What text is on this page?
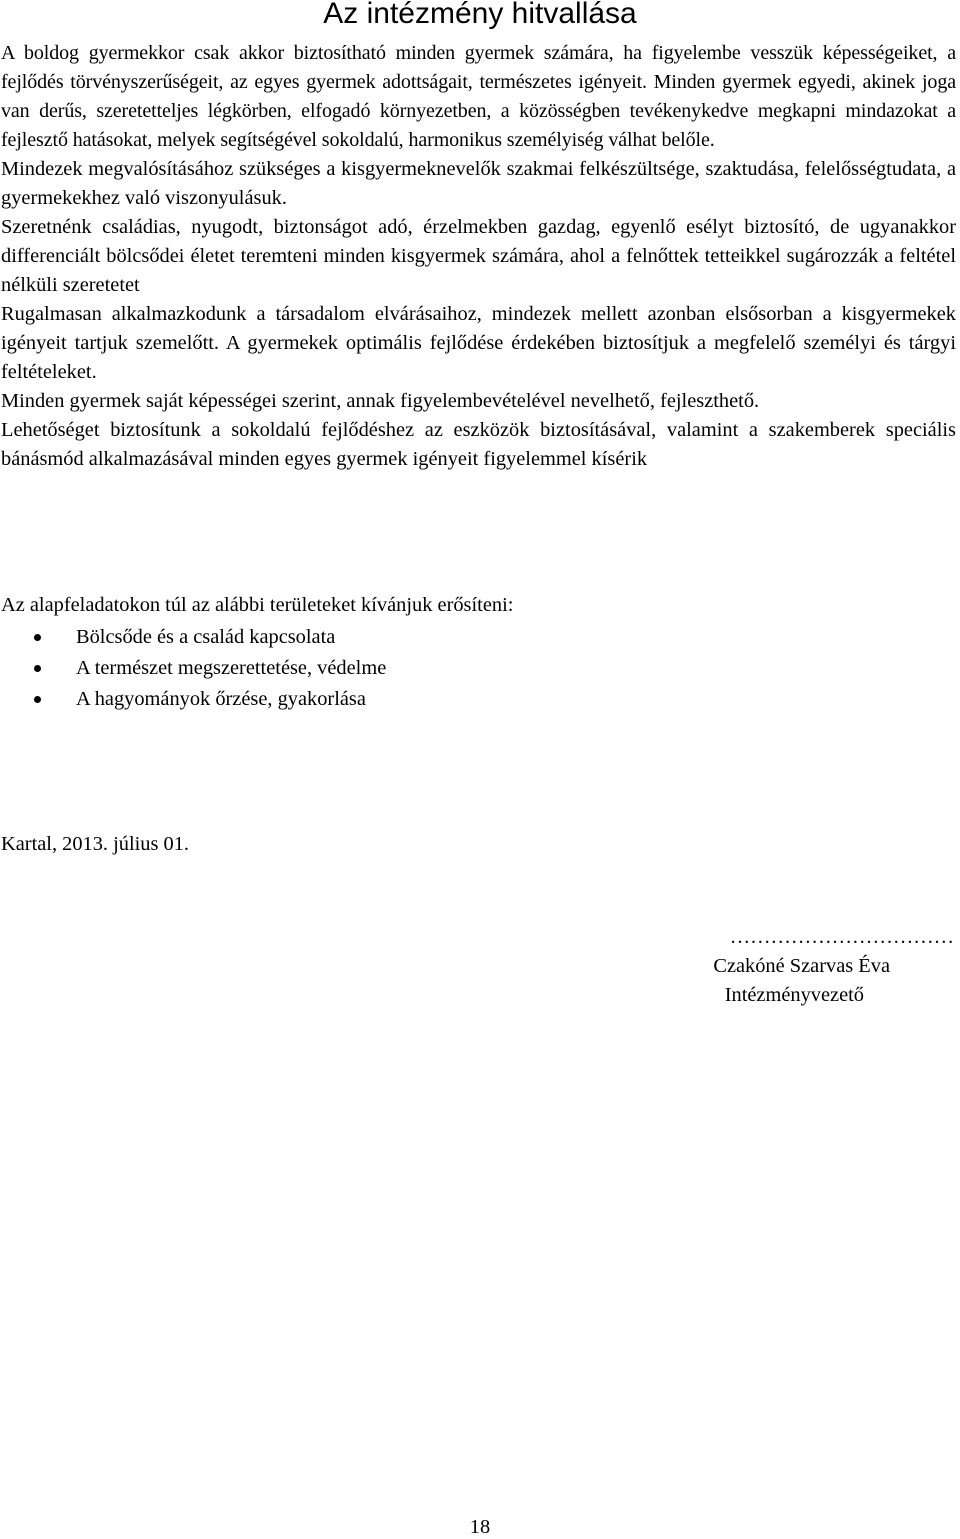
Az intézmény hitvallása

A boldog gyermekkor csak akkor biztosítható minden gyermek számára, ha figyelembe vesszük képességeiket, a fejlődés törvényszerűségeit, az egyes gyermek adottságait, természetes igényeit. Minden gyermek egyedi, akinek joga van derűs, szeretetteljes légkörben, elfogadó környezetben, a közösségben tevékenykedve megkapni mindazokat a fejlesztő hatásokat, melyek segítségével sokoldalú, harmonikus személyiség válhat belőle.

Mindezek megvalósításához szükséges a kisgyermeknevelők szakmai felkészültsége, szaktudása, felelősségtudata, a gyermekekhez való viszonyulásuk.

Szeretnénk családias, nyugodt, biztonságot adó, érzelmekben gazdag, egyenlő esélyt biztosító, de ugyanakkor differenciált bölcsődei életet teremteni minden kisgyermek számára, ahol a felnőttek tetteikkel sugározzák a feltétel nélküli szeretetet

Rugalmasan alkalmazkodunk a társadalom elvárásaihoz, mindezek mellett azonban elsősorban a kisgyermekek igényeit tartjuk szemelőtt. A gyermekek optimális fejlődése érdekében biztosítjuk a megfelelő személyi és tárgyi feltételeket.

Minden gyermek saját képességei szerint, annak figyelembevételével nevelhető, fejleszthető.

Lehetőséget biztosítunk a sokoldalú fejlődéshez az eszközök biztosításával, valamint a szakemberek speciális bánásmód alkalmazásával minden egyes gyermek igényeit figyelemmel kísérik

Az alapfeladatokon túl az alábbi területeket kívánjuk erősíteni:

Bölcsőde és a család kapcsolata
A természet megszerettetése, védelme
A hagyományok őrzése, gyakorlása
Kartal, 2013. július 01.
……………………………
Czakóné Szarvas Éva
Intézményvezető
18
